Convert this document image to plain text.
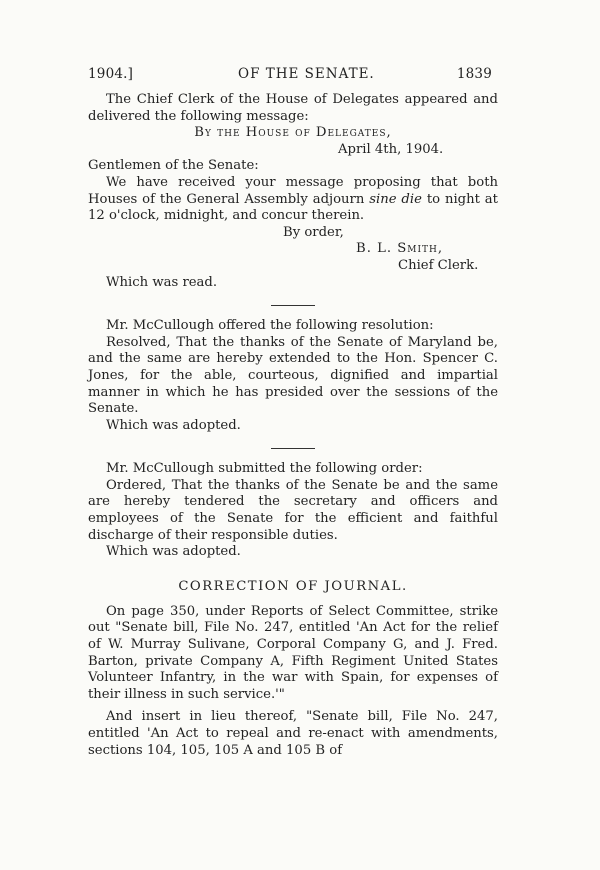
1904.]	OF THE SENATE.	1839

The Chief Clerk of the House of Delegates appeared and delivered the following message:

By the House of Delegates,

April 4th, 1904.

Gentlemen of the Senate:

We have received your message proposing that both Houses of the General Assembly adjourn sine die to night at 12 o'clock, midnight, and concur therein.

By order,

B. L. Smith,

Chief Clerk.

Which was read.

Mr. McCullough offered the following resolution:

Resolved, That the thanks of the Senate of Maryland be, and the same are hereby extended to the Hon. Spencer C. Jones, for the able, courteous, dignified and impartial manner in which he has presided over the sessions of the Senate.

Which was adopted.

Mr. McCullough submitted the following order:

Ordered, That the thanks of the Senate be and the same are hereby tendered the secretary and officers and employees of the Senate for the efficient and faithful discharge of their responsible duties.

Which was adopted.

CORRECTION OF JOURNAL.

On page 350, under Reports of Select Committee, strike out "Senate bill, File No. 247, entitled 'An Act for the relief of W. Murray Sulivane, Corporal Company G, and J. Fred. Barton, private Company A, Fifth Regiment United States Volunteer Infantry, in the war with Spain, for expenses of their illness in such service.'"

And insert in lieu thereof, "Senate bill, File No. 247, entitled 'An Act to repeal and re-enact with amendments, sections 104, 105, 105 A and 105 B of
